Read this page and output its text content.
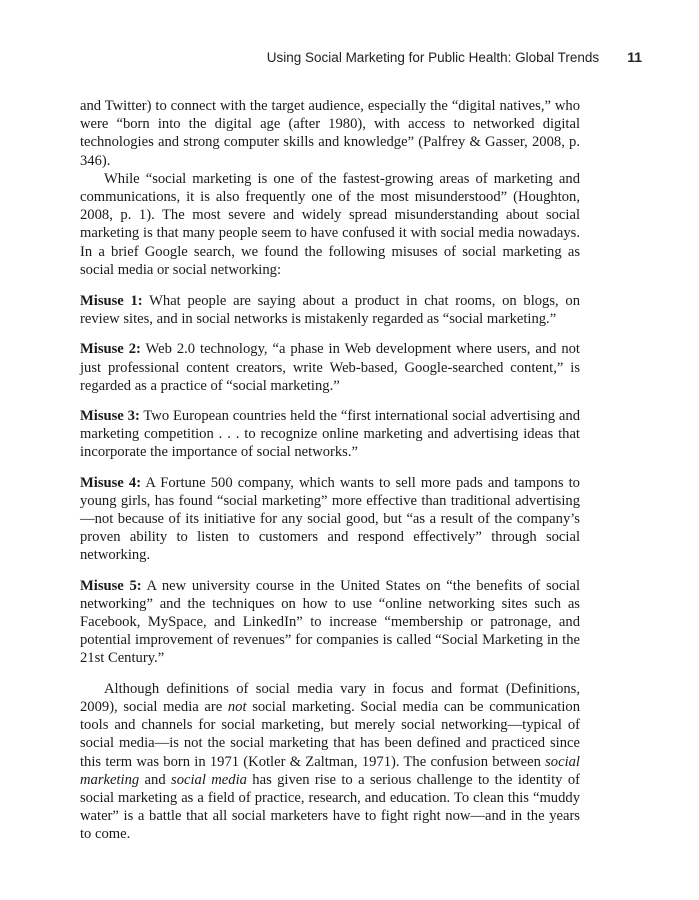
Using Social Marketing for Public Health: Global Trends 11

and Twitter) to connect with the target audience, especially the “digital natives,” who were “born into the digital age (after 1980), with access to networked digital technologies and strong computer skills and knowledge” (Palfrey & Gasser, 2008, p. 346).

While “social marketing is one of the fastest-growing areas of marketing and communications, it is also frequently one of the most misunderstood” (Houghton, 2008, p. 1). The most severe and widely spread misunderstanding about social marketing is that many people seem to have confused it with social media nowadays. In a brief Google search, we found the following misuses of social marketing as social media or social networking:

Misuse 1: What people are saying about a product in chat rooms, on blogs, on review sites, and in social networks is mistakenly regarded as “social marketing.”

Misuse 2: Web 2.0 technology, “a phase in Web development where users, and not just professional content creators, write Web-based, Google-searched content,” is regarded as a practice of “social marketing.”

Misuse 3: Two European countries held the “first international social advertising and marketing competition . . . to recognize online marketing and advertising ideas that incorporate the importance of social networks.”

Misuse 4: A Fortune 500 company, which wants to sell more pads and tampons to young girls, has found “social marketing” more effective than traditional advertising—not because of its initiative for any social good, but “as a result of the company’s proven ability to listen to customers and respond effectively” through social networking.

Misuse 5: A new university course in the United States on “the benefits of social networking” and the techniques on how to use “online networking sites such as Facebook, MySpace, and LinkedIn” to increase “membership or patronage, and potential improvement of revenues” for companies is called “Social Marketing in the 21st Century.”

Although definitions of social media vary in focus and format (Definitions, 2009), social media are not social marketing. Social media can be communication tools and channels for social marketing, but merely social networking—typical of social media—is not the social marketing that has been defined and practiced since this term was born in 1971 (Kotler & Zaltman, 1971). The confusion between social marketing and social media has given rise to a serious challenge to the identity of social marketing as a field of practice, research, and education. To clean this “muddy water” is a battle that all social marketers have to fight right now—and in the years to come.
